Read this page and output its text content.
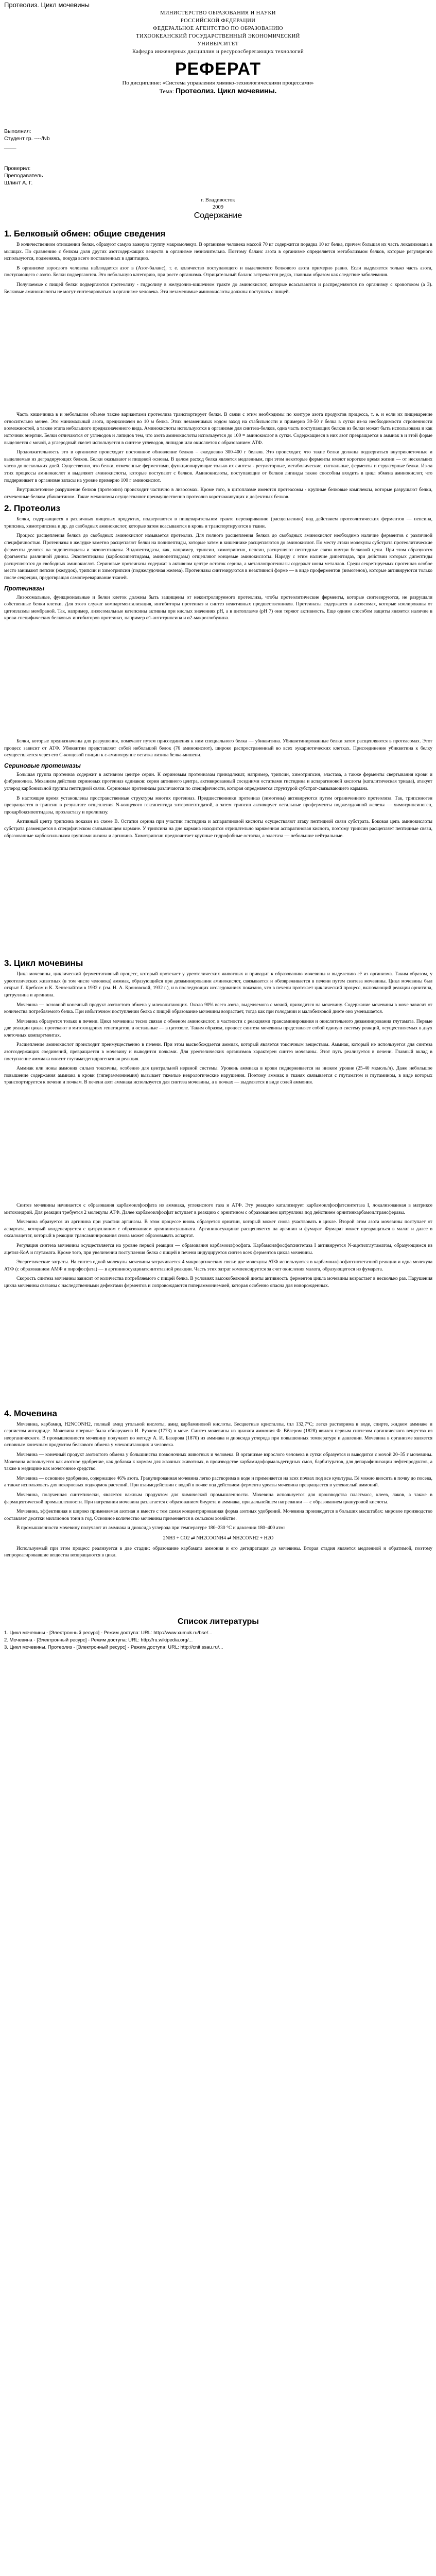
Протеолиз. Цикл мочевины
МИНИСТЕРСТВО ОБРАЗОВАНИЯ И НАУКИ
РОССИЙСКОЙ ФЕДЕРАЦИИ
ФЕДЕРАЛЬНОЕ АГЕНТСТВО ПО ОБРАЗОВАНИЮ
ТИХООКЕАНСКИЙ ГОСУДАРСТВЕННЫЙ ЭКОНОМИЧЕСКИЙ
УНИВЕРСИТЕТ
Кафедра инженерных дисциплин и ресурсосберегающих технологий
РЕФЕРАТ
По дисциплине: «Система управления химико-технологическими процессами»
Тема: Протеолиз. Цикл мочевины.
Выполнил:
Студент гр. ----/Nb
____
Проверил:
Преподаватель
Шлинт А. Г.
г. Владивосток
2009
Содержание
1. Белковый обмен: общие сведения

В количественном отношении белки, образуют самую важную группу макромолекул. В организме человека массой 70 кг содержится порядка 10 кг белка, причем большая их часть локализована в мышцах. По сравнению с белком доля других азотсодержащих веществ в организме незначительна. Поэтому баланс азота в организме определяется метаболизмом белков, которые регулярного используются, подменяясь, покуда всего поставленных в адаптацию.

В организме взрослого человека наблюдается азот в (Азот-баланс), т. е. количество поступающего и выделяемого белкового азота примерно равно. Если выделяется только часть азота, поступающего с азото. Белки подвергаются. Это небольшую категорию, при росте организма. Отрицательный баланс встречается редко, главным образом как следствие заболевания.

Получаемые с пищей белки подвергаются протеолизу - гидролизу в желудочно-кишечном тракте до аминокислот, которые всасываются и распределяются по организму с кровотоком (а 3). Белковые аминокислоты не могут синтезироваться в организме человека. Эти незаменимые аминокислоты должны поступать с пищей.

Часть кишечника в и небольшом объеме также вариантами протеолиза транспортирует белки. В связи с этим необходимы по контуре азота продуктов процесса, т. е. и если их пищеварение относительно менее. Это минимальный азота, предназначен во 10 м белка. Этих незаменимых кодом заход на стабильности и примерно 30-50 г белка в сутки из-за необходимости стропенности возможностей, а также этапа небольшого предназначенного вида. Аминокислоты используются в организме для синтеза-белков, одна часть поступающих белков из белки может быть использована и как источник энергии. Белки отличаются от углеводов и липидов тем, что азота аминокислоты используется до 100 = аминокислот в сутки. Содержащиеся в них азот превращается в аммиак в и этой форме выделяется с мочой, а углеродный скелет используется в синтезе углеводов, липидов или окисляется с образованием АТФ.

Продолжительность это в организме происходит постоянное обновление белков – ежедневно 300-400 г белков. Это происходит, что такие белки должны подвергаться внутриклеточные и выделяемые из деградирующих белков. Белки оказывают и пищевой основы. В целом расход белка является медленным, при этом некоторые ферменты имеют короткое время жизни — от нескольких часов до нескольких дней. Существенно, что белки, отмеченные ферментами, функционирующие только их синтеза - регуляторные, метаболические, сигнальные, ферменты и структурные белки. Из-за этих процессы аминокислот и выделяют аминокислоты, которые поступают с белков. Аминокислоты, поступающие от белков лиганды также способны входить в цикл обмена аминокислот, что поддерживает в организме запасы на уровне примерно 100 г аминокислот.

Внутриклеточное разрушение белков (протеолиз) происходит частично в лизосомах. Кроме того, в цитоплазме имеются протеасомы - крупные белковые комплексы, которые разрушают белки, отмеченные белком убиквитином. Такие механизмы осуществляют преимущественно протеолиз короткоживущих и дефектных белков.

2. Протеолиз

Белки, содержащиеся в различных пищевых продуктах, подвергаются в пищеварительном тракте перевариванию (расщеплению) под действием протеолитических ферментов — пепсина, трипсина, химотрипсина и др. до свободных аминокислот, которые затем всасываются в кровь и транспортируются в ткани.

Процесс расщепления белков до свободных аминокислот называется протеолиз. Для полного расщепления белков до свободных аминокислот необходимо наличие ферментов с различной специфичностью. Протеиназы в желудке заметно расщепляют белки на полипептиды, которые затем в кишечнике расщепляются до аминокислот. По месту атаки молекулы субстрата протеолитические ферменты делятся на эндопептидазы и экзопептидазы. Эндопептидазы, как, например, трипсин, химотрипсин, пепсин, расщепляют пептидные связи внутри белковой цепи. При этом образуются фрагменты различной длины. Экзопептидазы (карбоксипептидазы, аминопептидазы) отщепляют концевые аминокислоты. Наряду с этим наличие дипептидаз, при действии которых дипептиды расщепляются до свободных аминокислот. Сериновые протеиназы содержат в активном центре остаток серина, а металлопротеиназы содержат ионы металлов. Среди секретируемых протеиназ особое место занимают пепсин (желудок), трипсин и химотрипсин (поджелудочная железа). Протеиназы синтезируются в неактивной форме — в виде проферментов (зимогенов), которые активируются только после секреции, предотвращая самопереваривание тканей.

Протеиназы

Лизосомальные, функциональные и белки клеток должны быть защищены от неконтролируемого протеолиза, чтобы протеолитические ферменты, которые синтезируются, не разрушали собственные белки клетки. Для этого служат компартментализация, ингибиторы протеиназ и синтез неактивных предшественников. Протеиназы содержатся в лизосомах, которые изолированы от цитоплазмы мембраной. Так, например, лизосомальные катепсины активны при кислых значениях рН, а в цитоплазме (рН 7) они теряют активность. Еще одним способом защиты является наличие в крови специфических белковых ингибиторов протеиназ, например α1-антитрипсина и α2-макроглобулина.

Белки, которые предназначены для разрушения, помечают путем присоединения к ним специального белка — убиквитина. Убиквитинированные белки затем расщепляются в протеасомах. Этот процесс зависит от АТФ. Убиквитин представляет собой небольшой белок (76 аминокислот), широко распространенный во всех эукариотических клетках. Присоединение убиквитина к белку осуществляется через его С-концевой глицин к ε-аминогруппе остатка лизина белка-мишени.

Сериновые протеиназы

Большая группа протеиназ содержит в активном центре серин. К сериновым протеиназам принадлежат, например, трипсин, химотрипсин, эластаза, а также ферменты свертывания крови и фибринолиза. Механизм действия сериновых протеиназ одинаков: серин активного центра, активированный соседними остатками гистидина и аспарагиновой кислоты (каталитическая триада), атакует углерод карбонильной группы пептидной связи. Сериновые протеиназы различаются по специфичности, которая определяется структурой субстрат-связывающего кармана.

В настоящее время установлены пространственные структуры многих протеиназ. Предшественники протеиназ (зимогены) активируются путем ограниченного протеолиза. Так, трипсиноген превращается в трипсин в результате отщепления N-концевого гексапептида энтеропептидазой, а затем трипсин активирует остальные проферменты поджелудочной железы — химотрипсиноген, прокарбоксипептидазы, проэластазу и пролипазу.

Активный центр трипсина показан на схеме В. Остатки серина при участии гистидина и аспарагиновой кислоты осуществляют атаку пептидной связи субстрата. Боковая цепь аминокислоты субстрата размещается в специфическом связывающем кармане. У трипсина на дне кармана находится отрицательно заряженная аспарагиновая кислота, поэтому трипсин расщепляет пептидные связи, образованные карбоксильными группами лизина и аргинина. Химотрипсин предпочитает крупные гидрофобные остатки, а эластаза — небольшие нейтральные.

3. Цикл мочевины

Цикл мочевины, циклический ферментативный процесс, который протекает у уреотелических животных и приводит к образованию мочевины и выделению её из организма. Таким образом, у уреотелических животных (в том числе человека) аммиак, образующийся при дезаминировании аминокислот, связывается и обезвреживается в печени путем синтеза мочевины. Цикл мочевины был открыт Г. Кребсом и К. Хензелайтом в 1932 г. (см. Н. А. Кроновской, 1932 г.), и в последующих исследованиях показано, что в печени протекает циклический процесс, включающий реакции орнитина, цитруллина и аргинина.

Мочевина — основной конечный продукт азотистого обмена у млекопитающих. Около 90% всего азота, выделяемого с мочой, приходится на мочевину. Содержание мочевины в моче зависит от количества потребляемого белка. При избыточном поступлении белка с пищей образование мочевины возрастает, тогда как при голодании и малобелковой диете оно уменьшается.

Мочевина образуется только в печени. Цикл мочевины тесно связан с обменом аминокислот, в частности с реакциями трансаминирования и окислительного дезаминирования глутамата. Первые две реакции цикла протекают в митохондриях гепатоцитов, а остальные — в цитозоле. Таким образом, процесс синтеза мочевины представляет собой единую систему реакций, осуществляемых в двух клеточных компартментах.

Расщепление аминокислот происходит преимущественно в печени. При этом высвобождается аммиак, который является токсичным веществом. Аммиак, который не используется для синтеза азотсодержащих соединений, превращается в мочевину и выводится почками. Для уреотелических организмов характерен синтез мочевины. Этот путь реализуется в печени. Главный вклад в поступление аммиака вносит глутаматдегидрогеназная реакция.

Аммиак или ионы аммония сильно токсичны, особенно для центральной нервной системы. Уровень аммиака в крови поддерживается на низком уровне (25-40 мкмоль/л). Даже небольшое повышение содержания аммиака в крови (гипераммониемия) вызывает тяжелые неврологические нарушения. Поэтому аммиак в тканях связывается с глутаматом и глутамином, в виде которых транспортируется к печени и почкам. В печени азот аммиака используется для синтеза мочевины, а в почках — выделяется в виде солей аммония.

Синтез мочевины начинается с образования карбамоилфосфата из аммиака, углекислого газа и АТФ. Эту реакцию катализирует карбамоилфосфатсинтетаза I, локализованная в матриксе митохондрий. Для реакции требуется 2 молекулы АТФ. Далее карбамоилфосфат вступает в реакцию с орнитином с образованием цитруллина под действием орнитинкарбамоилтрансферазы.

Мочевина образуется из аргинина при участии аргиназы. В этом процессе вновь образуется орнитин, который может снова участвовать в цикле. Второй атом азота мочевины поступает от аспартата, который конденсируется с цитруллином с образованием аргининосукцината. Аргининосукцинат расщепляется на аргинин и фумарат. Фумарат может превращаться в малат и далее в оксалоацетат, который в реакции трансаминирования снова может образовывать аспартат.

Регуляция синтеза мочевины осуществляется на уровне первой реакции — образования карбамоилфосфата. Карбамоилфосфатсинтетаза I активируется N-ацетилглутаматом, образующимся из ацетил-КоА и глутамата. Кроме того, при увеличении поступления белка с пищей в печени индуцируется синтез всех ферментов цикла мочевины.

Энергетические затраты. На синтез одной молекулы мочевины затрачивается 4 макроэргических связи: две молекулы АТФ используются в карбамоилфосфатсинтетазной реакции и одна молекула АТФ (с образованием АМФ и пирофосфата) — в аргининосукцинатсинтетазной реакции. Часть этих затрат компенсируется за счет окисления малата, образующегося из фумарата.

Скорость синтеза мочевины зависит от количества потребляемого с пищей белка. В условиях высокобелковой диеты активность ферментов цикла мочевины возрастает в несколько раз. Нарушения цикла мочевины связаны с наследственными дефектами ферментов и сопровождаются гипераммониемией, которая особенно опасна для новорожденных.

4. Мочевина

Мочевина, карбамид, H2NCONH2, полный амид угольной кислоты, амид карбаминовой кислоты. Бесцветные кристаллы, tпл 132,7°С; легко растворима в воде, спирте, жидком аммиаке и сернистом ангидриде. Мочевина впервые была обнаружена И. Руэлем (1773) в моче. Синтез мочевины из цианата аммония Ф. Вёлером (1828) явился первым синтезом органического вещества из неорганического. В промышленности мочевину получают по методу А. И. Базарова (1870) из аммиака и диоксида углерода при повышенных температуре и давлении. Мочевина в организме является основным конечным продуктом белкового обмена у млекопитающих и человека.

Мочевина — конечный продукт азотистого обмена у большинства позвоночных животных и человека. В организме взрослого человека в сутки образуется и выводится с мочой 20–35 г мочевины. Мочевина используется как азотное удобрение, как добавка к кормам для жвачных животных, в производстве карбамидоформальдегидных смол, барбитуратов, для депарафинизации нефтепродуктов, а также в медицине как мочегонное средство.

Мочевина — основное удобрение, содержащее 46% азота. Гранулированная мочевина легко растворима в воде и применяется на всех почвах под все культуры. Её можно вносить в почву до посева, а также использовать для некорневых подкормок растений. При взаимодействии с водой в почве под действием фермента уреазы мочевина превращается в углекислый аммоний.

Мочевина, полученная синтетически, является важным продуктом для химической промышленности. Мочевина используется для производства пластмасс, клеев, лаков, а также в фармацевтической промышленности. При нагревании мочевина разлагается с образованием биурета и аммиака, при дальнейшем нагревании — с образованием циануровой кислоты.

Мочевина, эффективная и широко применяемая азотная и вместе с тем самая концентрированная форма азотных удобрений. Мочевина производится в больших масштабах: мировое производство составляет десятки миллионов тонн в год. Основное количество мочевины применяется в сельском хозяйстве.

В промышленности мочевину получают из аммиака и диоксида углерода при температуре 180–230 °С и давлении 180–400 атм:

2NH3 + CO2 ⇄ NH2COONH4 ⇄ NH2CONH2 + H2O

Используемый при этом процесс реализуется в две стадии: образование карбамата аммония и его дегидратация до мочевины. Вторая стадия является медленной и обратимой, поэтому непрореагировавшие вещества возвращаются в цикл.

Список литературы
1. Цикл мочевины - [Электронный ресурс] - Режим доступа: URL: http://www.xumuk.ru/bse/...
2. Мочевина - [Электронный ресурс] - Режим доступа: URL: http://ru.wikipedia.org/...
3. Цикл мочевины. Протеолиз - [Электронный ресурс] - Режим доступа: URL: http://cnit.ssau.ru/...
